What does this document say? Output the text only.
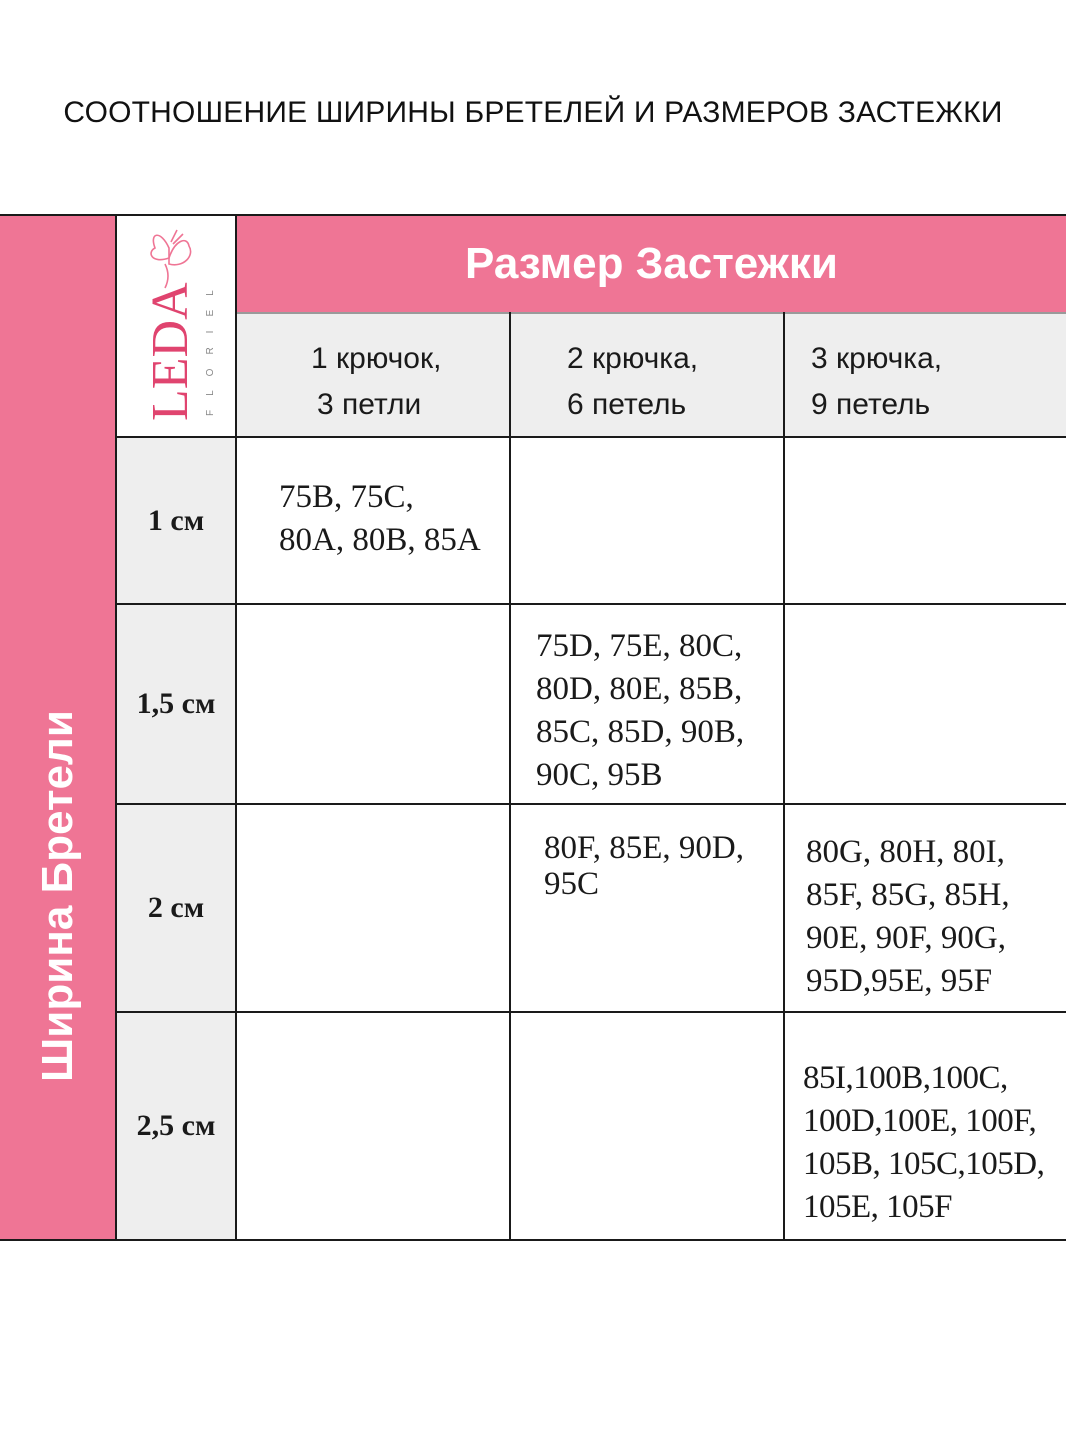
СООТНОШЕНИЕ ШИРИНЫ БРЕТЕЛЕЙ И РАЗМЕРОВ ЗАСТЕЖКИ
Ширина Бретели
LEDA FLORIEL
Размер Застежки
1 крючок,
3 петли
2 крючка,
6 петель
3 крючка,
9 петель
1 см
1,5 см
2 см
2,5 см
75B, 75C,
80A, 80B, 85A
75D, 75E, 80C,
80D, 80E, 85B,
85C, 85D, 90B,
90C, 95B
80F, 85E, 90D,
95C
80G, 80H, 80I,
85F, 85G, 85H,
90E, 90F, 90G,
95D,95E, 95F
85I,100B,100C,
100D,100E, 100F,
105B, 105C,105D,
105E, 105F
